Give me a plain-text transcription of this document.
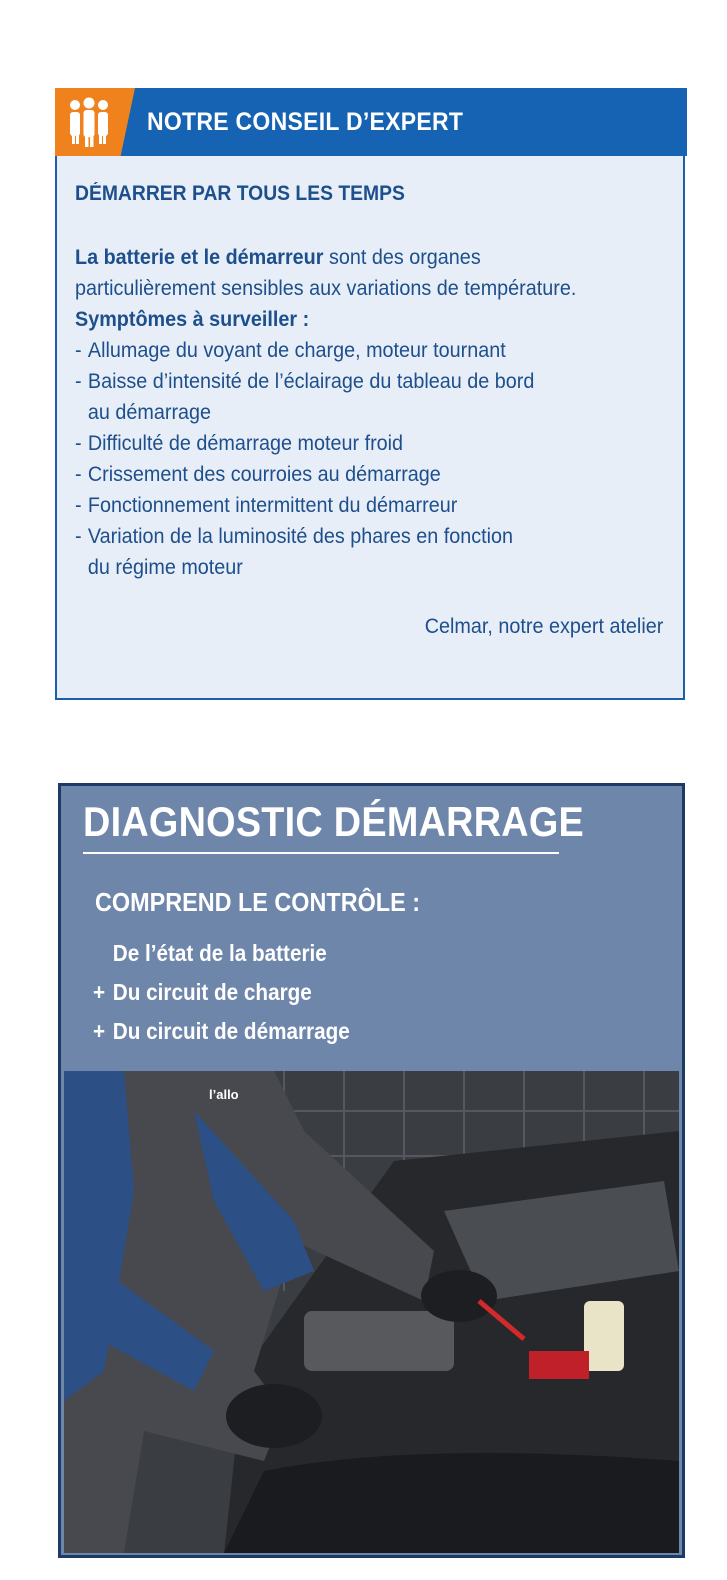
NOTRE CONSEIL D’EXPERT
DÉMARRER PAR TOUS LES TEMPS

La batterie et le démarreur sont des organes

particulièrement sensibles aux variations de température.

Symptômes à surveiller :

- Allumage du voyant de charge, moteur tournant
- Baisse d’intensité de l’éclairage du tableau de bord
au démarrage
- Difficulté de démarrage moteur froid
- Crissement des courroies au démarrage
- Fonctionnement intermittent du démarreur
- Variation de la luminosité des phares en fonction
du régime moteur
Celmar, notre expert atelier
DIAGNOSTIC DÉMARRAGE
COMPREND LE CONTRÔLE :
De l’état de la batterie
+ Du circuit de charge
+ Du circuit de démarrage
l’allo
